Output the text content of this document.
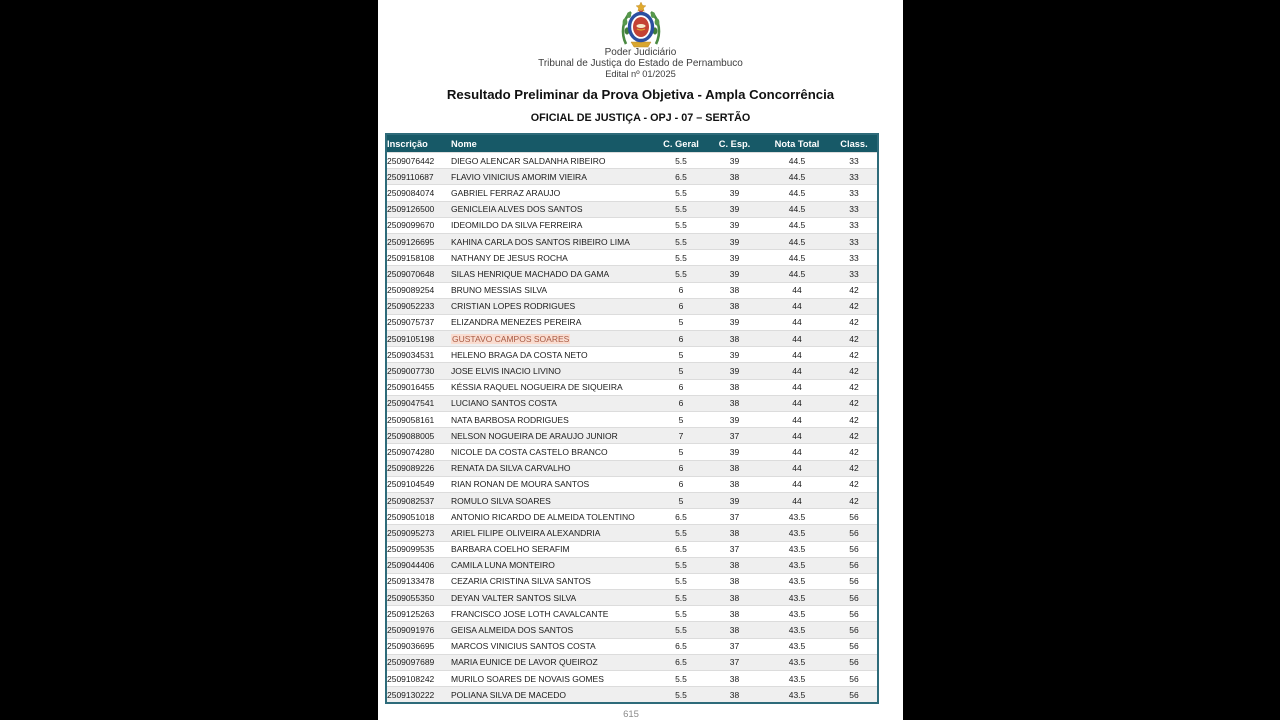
Poder Judiciário
Tribunal de Justiça do Estado de Pernambuco
Edital nº 01/2025
Resultado Preliminar da Prova Objetiva - Ampla Concorrência
OFICIAL DE JUSTIÇA - OPJ - 07 – SERTÃO
Inscrição	Nome	C. Geral	C. Esp.	Nota Total	Class.
2509076442	DIEGO ALENCAR SALDANHA RIBEIRO	5.5	39	44.5	33
2509110687	FLAVIO VINICIUS AMORIM VIEIRA	6.5	38	44.5	33
2509084074	GABRIEL FERRAZ ARAUJO	5.5	39	44.5	33
2509126500	GENICLEIA ALVES DOS SANTOS	5.5	39	44.5	33
2509099670	IDEOMILDO DA SILVA FERREIRA	5.5	39	44.5	33
2509126695	KAHINA CARLA DOS SANTOS RIBEIRO LIMA	5.5	39	44.5	33
2509158108	NATHANY DE JESUS ROCHA	5.5	39	44.5	33
2509070648	SILAS HENRIQUE MACHADO DA GAMA	5.5	39	44.5	33
2509089254	BRUNO MESSIAS SILVA	6	38	44	42
2509052233	CRISTIAN LOPES RODRIGUES	6	38	44	42
2509075737	ELIZANDRA MENEZES PEREIRA	5	39	44	42
2509105198	GUSTAVO CAMPOS SOARES	6	38	44	42
2509034531	HELENO BRAGA DA COSTA NETO	5	39	44	42
2509007730	JOSE ELVIS INACIO LIVINO	5	39	44	42
2509016455	KÉSSIA RAQUEL NOGUEIRA DE SIQUEIRA	6	38	44	42
2509047541	LUCIANO SANTOS COSTA	6	38	44	42
2509058161	NATA BARBOSA RODRIGUES	5	39	44	42
2509088005	NELSON NOGUEIRA DE ARAUJO JUNIOR	7	37	44	42
2509074280	NICOLE DA COSTA CASTELO BRANCO	5	39	44	42
2509089226	RENATA DA SILVA CARVALHO	6	38	44	42
2509104549	RIAN RONAN DE MOURA SANTOS	6	38	44	42
2509082537	ROMULO SILVA SOARES	5	39	44	42
2509051018	ANTONIO RICARDO DE ALMEIDA TOLENTINO	6.5	37	43.5	56
2509095273	ARIEL FILIPE OLIVEIRA ALEXANDRIA	5.5	38	43.5	56
2509099535	BARBARA COELHO SERAFIM	6.5	37	43.5	56
2509044406	CAMILA LUNA MONTEIRO	5.5	38	43.5	56
2509133478	CEZARIA CRISTINA SILVA SANTOS	5.5	38	43.5	56
2509055350	DEYAN VALTER SANTOS SILVA	5.5	38	43.5	56
2509125263	FRANCISCO JOSE LOTH CAVALCANTE	5.5	38	43.5	56
2509091976	GEISA ALMEIDA DOS SANTOS	5.5	38	43.5	56
2509036695	MARCOS VINICIUS SANTOS COSTA	6.5	37	43.5	56
2509097689	MARIA EUNICE DE LAVOR QUEIROZ	6.5	37	43.5	56
2509108242	MURILO SOARES DE NOVAIS GOMES	5.5	38	43.5	56
2509130222	POLIANA SILVA DE MACEDO	5.5	38	43.5	56
615
